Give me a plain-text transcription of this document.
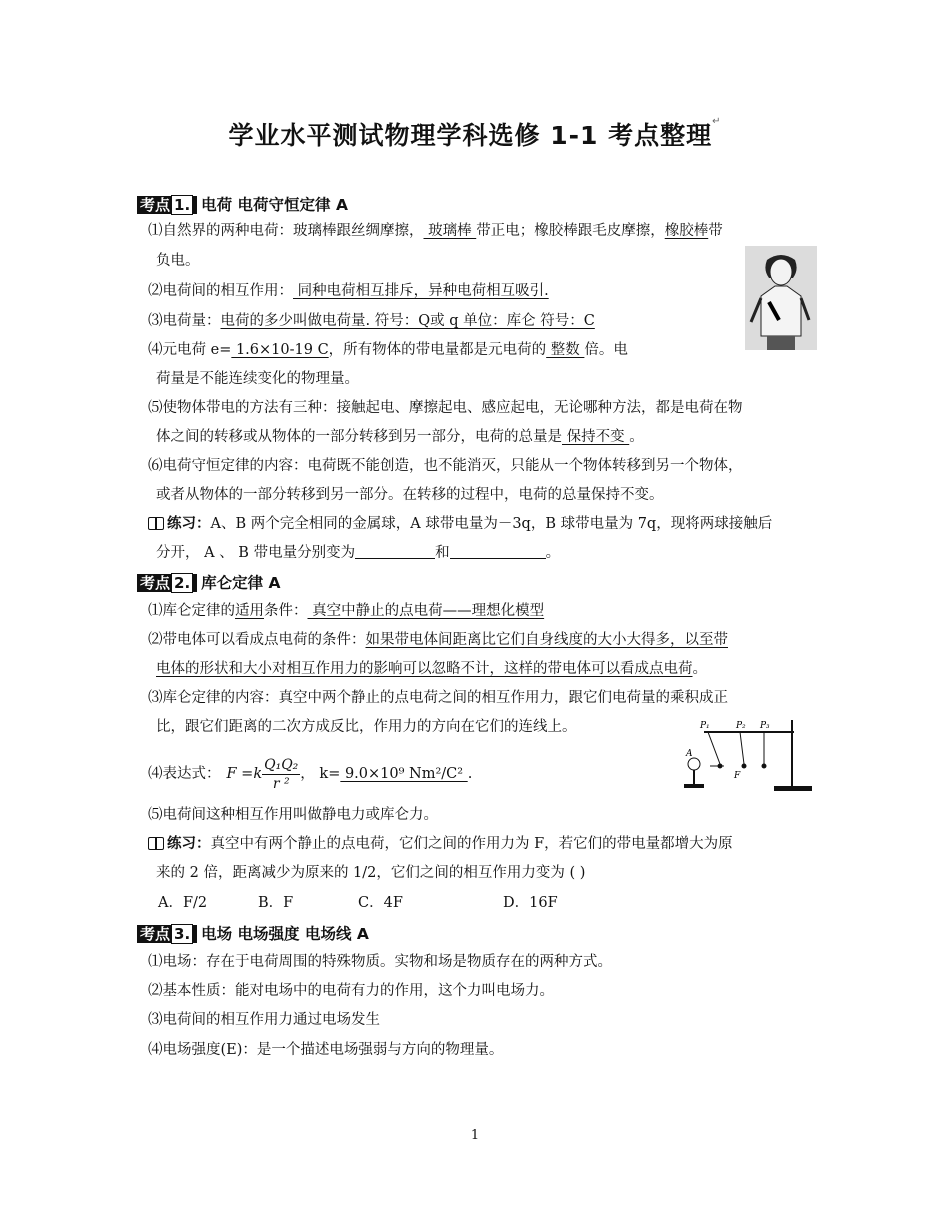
学业水平测试物理学科选修 1-1 考点整理↵
考点 1. 电荷 电荷守恒定律 A
⑴自然界的两种电荷：玻璃棒跟丝绸摩擦， 玻璃棒 带正电；橡胶棒跟毛皮摩擦，橡胶棒带
负电。
⑵电荷间的相互作用： 同种电荷相互排斥，异种电荷相互吸引.
⑶电荷量：电荷的多少叫做电荷量. 符号：Q或 q 单位：库仑 符号：C
⑷元电荷 e= 1.6×10-19 C，所有物体的带电量都是元电荷的 整数 倍。电
荷量是不能连续变化的物理量。
⑸使物体带电的方法有三种：接触起电、摩擦起电、感应起电，无论哪种方法，都是电荷在物
体之间的转移或从物体的一部分转移到另一部分，电荷的总量是 保持不变 。
⑹电荷守恒定律的内容：电荷既不能创造，也不能消灭，只能从一个物体转移到另一个物体，
或者从物体的一部分转移到另一部分。在转移的过程中，电荷的总量保持不变。
练习：A、B 两个完全相同的金属球，A 球带电量为－3q，B 球带电量为 7q，现将两球接触后
分开， A 、 B 带电量分别变为	和	。
考点 2. 库仑定律 A
⑴库仑定律的适用条件： 真空中静止的点电荷——理想化模型
⑵带电体可以看成点电荷的条件：如果带电体间距离比它们自身线度的大小大得多，以至带
电体的形状和大小对相互作用力的影响可以忽略不计，这样的带电体可以看成点电荷。
⑶库仑定律的内容：真空中两个静止的点电荷之间的相互作用力，跟它们电荷量的乘积成正
比，跟它们距离的二次方成反比，作用力的方向在它们的连线上。
⑷表达式： $F =k \frac{\text{Q₁Q₂}}{\text{r ²}}$ ， k= 9.0×10⁹ Nm²/C² .
⑸电荷间这种相互作用叫做静电力或库仑力。
练习：真空中有两个静止的点电荷，它们之间的作用力为 F，若它们的带电量都增大为原
来的 2 倍，距离减少为原来的 1/2，它们之间的相互作用力变为 ( )
A．F/2	B．F	C．4F	D．16F
P₁	P₂ P₃
A
F
考点 3. 电场 电场强度 电场线 A
⑴电场：存在于电荷周围的特殊物质。实物和场是物质存在的两种方式。
⑵基本性质：能对电场中的电荷有力的作用，这个力叫电场力。
⑶电荷间的相互作用力通过电场发生
⑷电场强度(E)：是一个描述电场强弱与方向的物理量。
1
